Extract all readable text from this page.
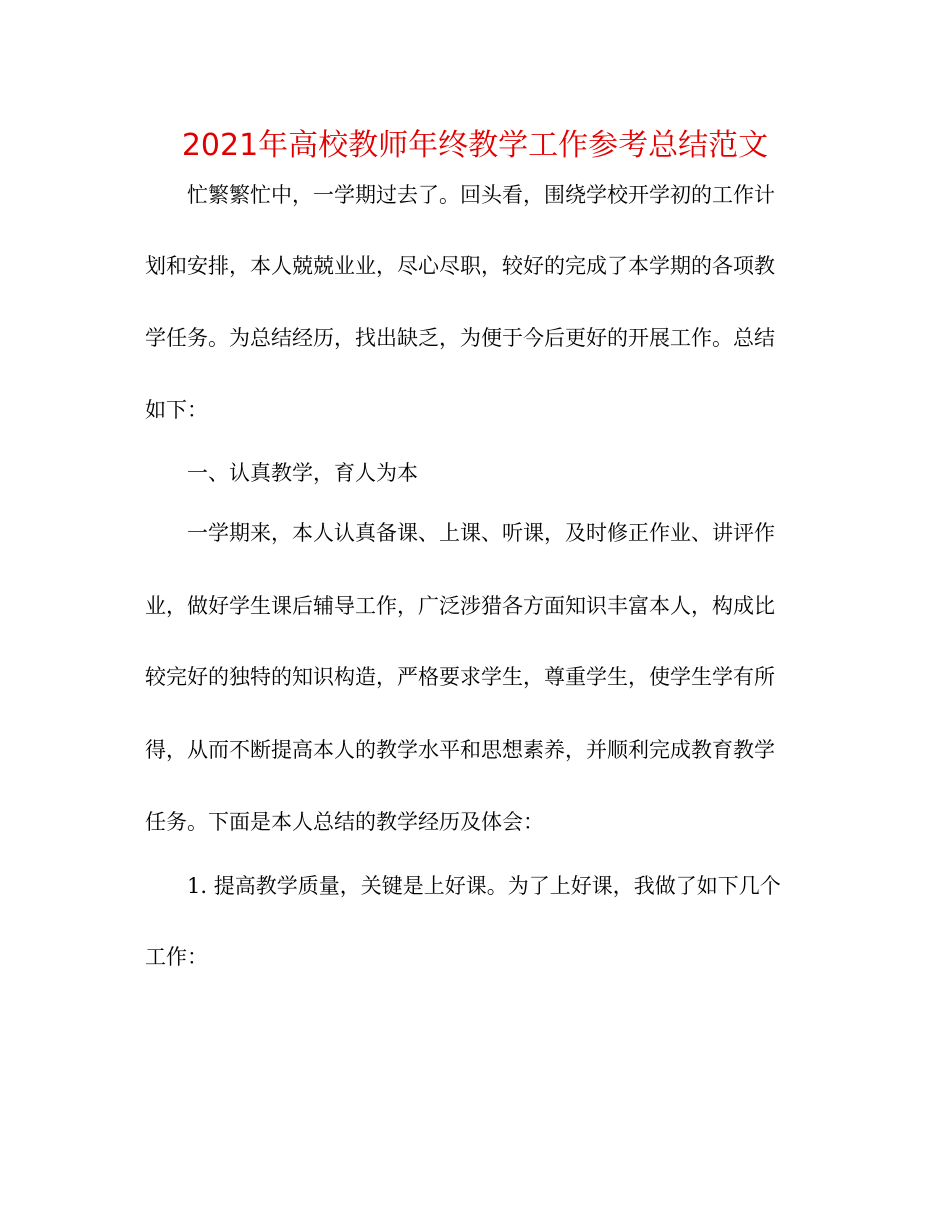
2021年高校教师年终教学工作参考总结范文

忙繁繁忙中，一学期过去了。回头看，围绕学校开学初的工作计

划和安排，本人兢兢业业，尽心尽职，较好的完成了本学期的各项教

学任务。为总结经历，找出缺乏，为便于今后更好的开展工作。总结

如下：

一、认真教学，育人为本

一学期来，本人认真备课、上课、听课，及时修正作业、讲评作

业，做好学生课后辅导工作，广泛涉猎各方面知识丰富本人，构成比

较完好的独特的知识构造，严格要求学生，尊重学生，使学生学有所

得，从而不断提高本人的教学水平和思想素养，并顺利完成教育教学

任务。下面是本人总结的教学经历及体会：

1. 提高教学质量，关键是上好课。为了上好课，我做了如下几个

工作：
